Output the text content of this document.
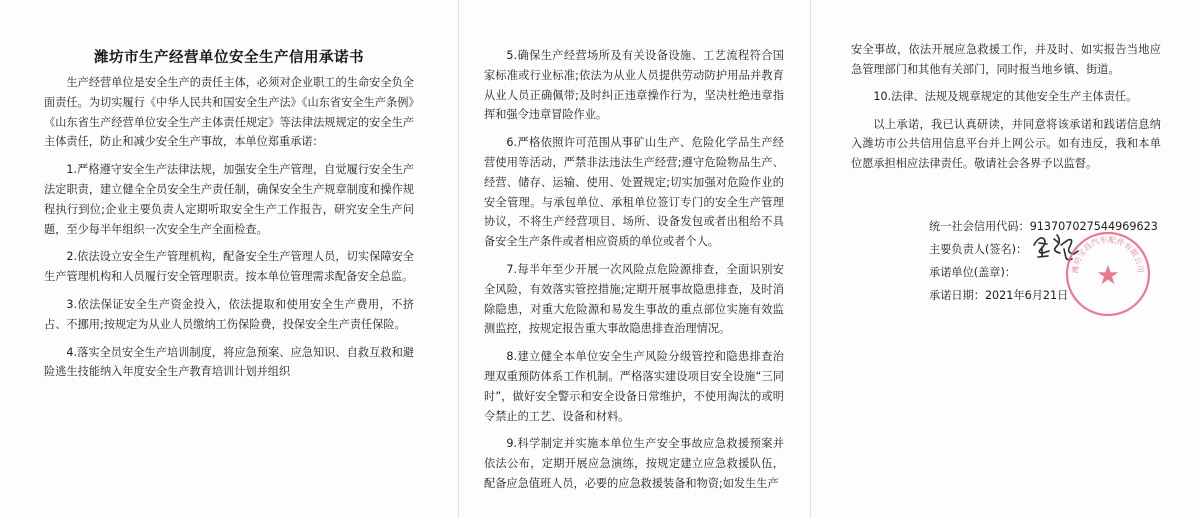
潍坊市生产经营单位安全生产信用承诺书

生产经营单位是安全生产的责任主体，必须对企业职工的生命安全负全面责任。为切实履行《中华人民共和国安全生产法》《山东省安全生产条例》《山东省生产经营单位安全生产主体责任规定》等法律法规规定的安全生产主体责任，防止和减少安全生产事故，本单位郑重承诺：

1.严格遵守安全生产法律法规，加强安全生产管理，自觉履行安全生产法定职责，建立健全全员安全生产责任制，确保安全生产规章制度和操作规程执行到位;企业主要负责人定期听取安全生产工作报告，研究安全生产问题，至少每半年组织一次安全生产全面检查。

2.依法设立安全生产管理机构，配备安全生产管理人员，切实保障安全生产管理机构和人员履行安全管理职责。按本单位管理需求配备安全总监。

3.依法保证安全生产资金投入，依法提取和使用安全生产费用，不挤占、不挪用;按规定为从业人员缴纳工伤保险费，投保安全生产责任保险。

4.落实全员安全生产培训制度，将应急预案、应急知识、自救互救和避险逃生技能纳入年度安全生产教育培训计划并组织

5.确保生产经营场所及有关设备设施、工艺流程符合国家标准或行业标准;依法为从业人员提供劳动防护用品并教育从业人员正确佩带;及时纠正违章操作行为，坚决杜绝违章指挥和强令违章冒险作业。

6.严格依照许可范围从事矿山生产、危险化学品生产经营使用等活动，严禁非法违法生产经营;遵守危险物品生产、经营、储存、运输、使用、处置规定;切实加强对危险作业的安全管理。与承包单位、承租单位签订专门的安全生产管理协议，不将生产经营项目、场所、设备发包或者出租给不具备安全生产条件或者相应资质的单位或者个人。

7.每半年至少开展一次风险点危险源排查，全面识别安全风险，有效落实管控措施;定期开展事故隐患排查，及时消除隐患，对重大危险源和易发生事故的重点部位实施有效监测监控，按规定报告重大事故隐患排查治理情况。

8.建立健全本单位安全生产风险分级管控和隐患排查治理双重预防体系工作机制。严格落实建设项目安全设施“三同时”，做好安全警示和安全设备日常维护，不使用淘汰的或明令禁止的工艺、设备和材料。

9.科学制定并实施本单位生产安全事故应急救援预案并依法公布，定期开展应急演练，按规定建立应急救援队伍，配备应急值班人员，必要的应急救援装备和物资;如发生生产

安全事故，依法开展应急救援工作，并及时、如实报告当地应急管理部门和其他有关部门，同时报当地乡镇、街道。

10.法律、法规及规章规定的其他安全生产主体责任。

以上承诺，我已认真研读，并同意将该承诺和践诺信息纳入潍坊市公共信用信息平台并上网公示。如有违反，我和本单位愿承担相应法律责任。敬请社会各界予以监督。

统一社会信用代码：913707027544969623
主要负责人(签名)：
承诺单位(盖章)：
承诺日期：2021年6月21日
潍坊宝昌汽车配件有限公司
